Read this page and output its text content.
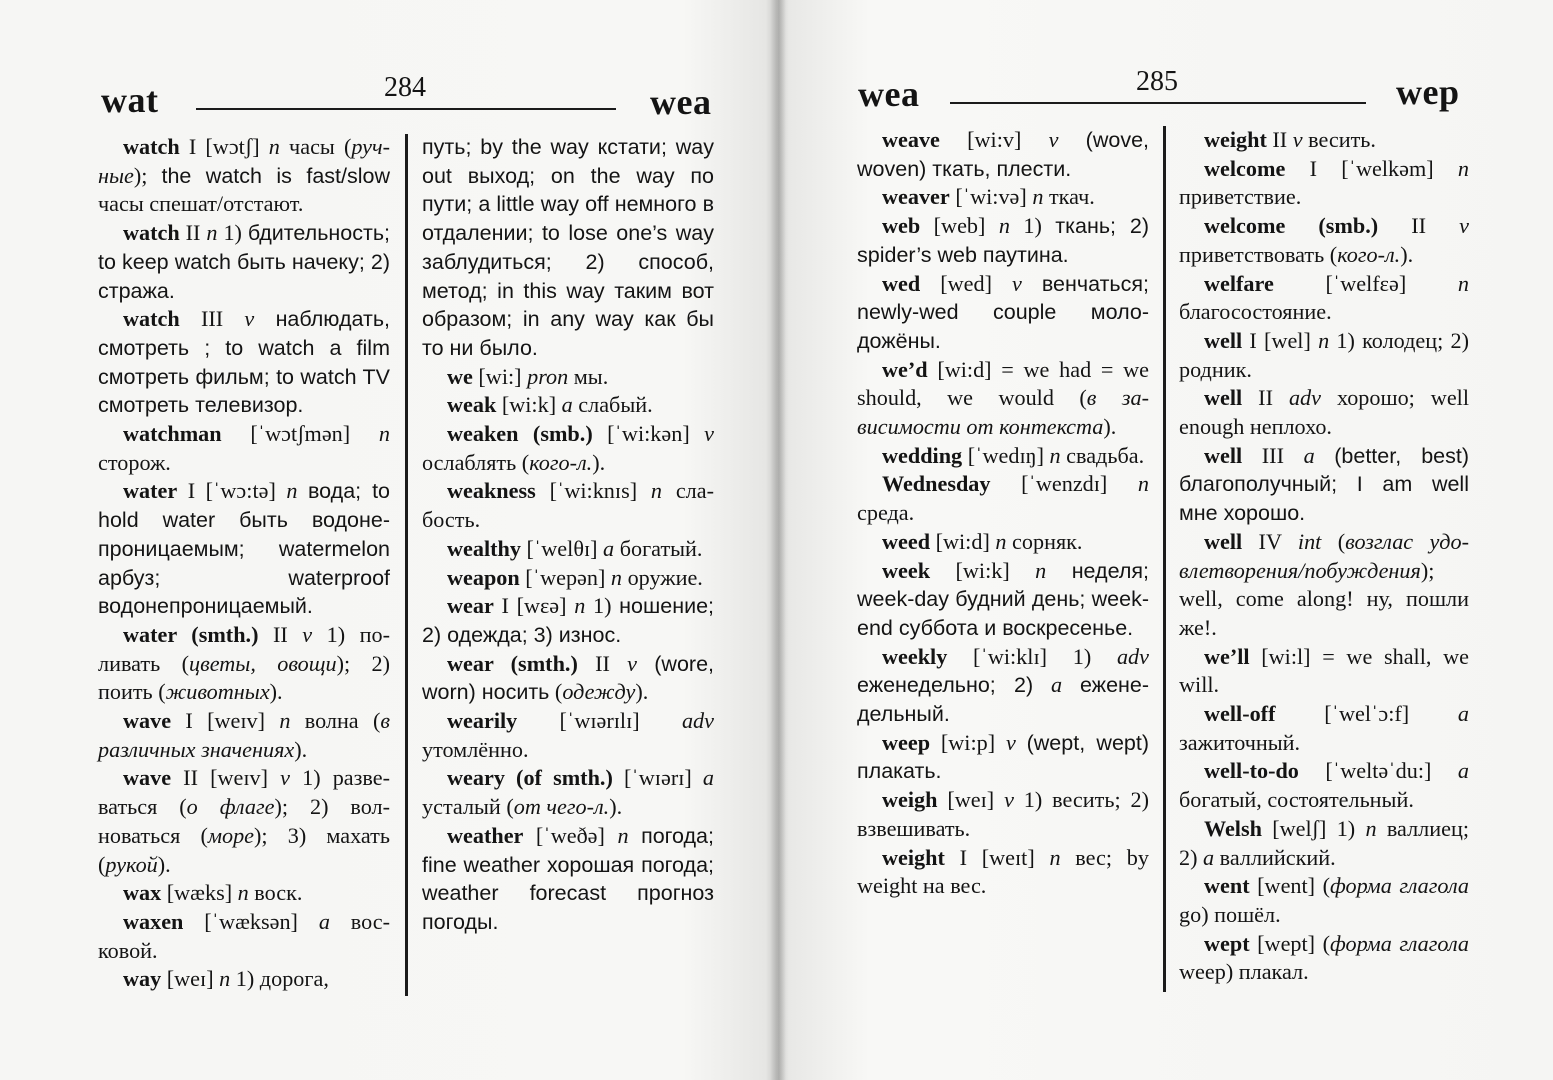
wat	284	wea

watch I [wɔtʃ] n часы (ручные); the watch is fast/slow часы спешат/отстают.

watch II n 1) бдительность; to keep watch быть начеку; 2) стража.

watch III v наблюдать, смотреть ; to watch a film смотреть фильм; to watch TV смотреть телевизор.

watchman [ˈwɔtʃmən] n сторож.

water I [ˈwɔ:tə] n вода; to hold water быть водонепроницаемым; watermelon арбуз; waterproof водонепроницаемый.

water (smth.) II v 1) поливать (цветы, овощи); 2) поить (животных).

wave I [weɪv] n волна (в различных значениях).

wave II [weɪv] v 1) развеваться (о флаге); 2) волноваться (море); 3) махать (рукой).

wax [wæks] n воск.

waxen [ˈwæksən] a восковой.

way [weɪ] n 1) дорога,

путь; by the way кстати; way out выход; on the way по пути; a little way off немного в отдалении; to lose one’s way заблудиться; 2) способ, метод; in this way таким вот образом; in any way как бы то ни было.

we [wi:] pron мы.

weak [wi:k] a слабый.

weaken (smb.) [ˈwi:kən] v ослаблять (кого-л.).

weakness [ˈwi:knɪs] n слабость.

wealthy [ˈwelθɪ] a богатый.

weapon [ˈwepən] n оружие.

wear I [wɛə] n 1) ношение; 2) одежда; 3) износ.

wear (smth.) II v (wore, worn) носить (одежду).

wearily [ˈwɪərɪlɪ] adv утомлённо.

weary (of smth.) [ˈwɪərɪ] a усталый (от чего-л.).

weather [ˈweðə] n погода; fine weather хорошая погода; weather forecast прогноз погоды.

wea	285	wep

weave [wi:v] v (wove, woven) ткать, плести.

weaver [ˈwi:və] n ткач.

web [web] n 1) ткань; 2) spider’s web паутина.

wed [wed] v венчаться; newly-wed couple молодожёны.

we’d [wi:d] = we had = we should, we would (в зависимости от контекста).

wedding [ˈwedɪŋ] n свадьба.

Wednesday [ˈwenzdɪ] n среда.

weed [wi:d] n сорняк.

week [wi:k] n неделя; week-day будний день; week-end суббота и воскресенье.

weekly [ˈwi:klɪ] 1) adv еженедельно; 2) a еженедельный.

weep [wi:p] v (wept, wept) плакать.

weigh [weɪ] v 1) весить; 2) взвешивать.

weight I [weɪt] n вес; by weight на вес.

weight II v весить.

welcome I [ˈwelkəm] n приветствие.

welcome (smb.) II v приветствовать (кого-л.).

welfare [ˈwelfɛə] n благосостояние.

well I [wel] n 1) колодец; 2) родник.

well II adv хорошо; well enough неплохо.

well III a (better, best) благополучный; I am well мне хорошо.

well IV int (возглас удовлетворения/побуждения); well, come along! ну, пошли же!.

we’ll [wi:l] = we shall, we will.

well-off [ˈwelˈɔ:f] a зажиточный.

well-to-do [ˈweltəˈdu:] a богатый, состоятельный.

Welsh [welʃ] 1) n валлиец; 2) a валлийский.

went [went] (форма глагола go) пошёл.

wept [wept] (форма глагола weep) плакал.
